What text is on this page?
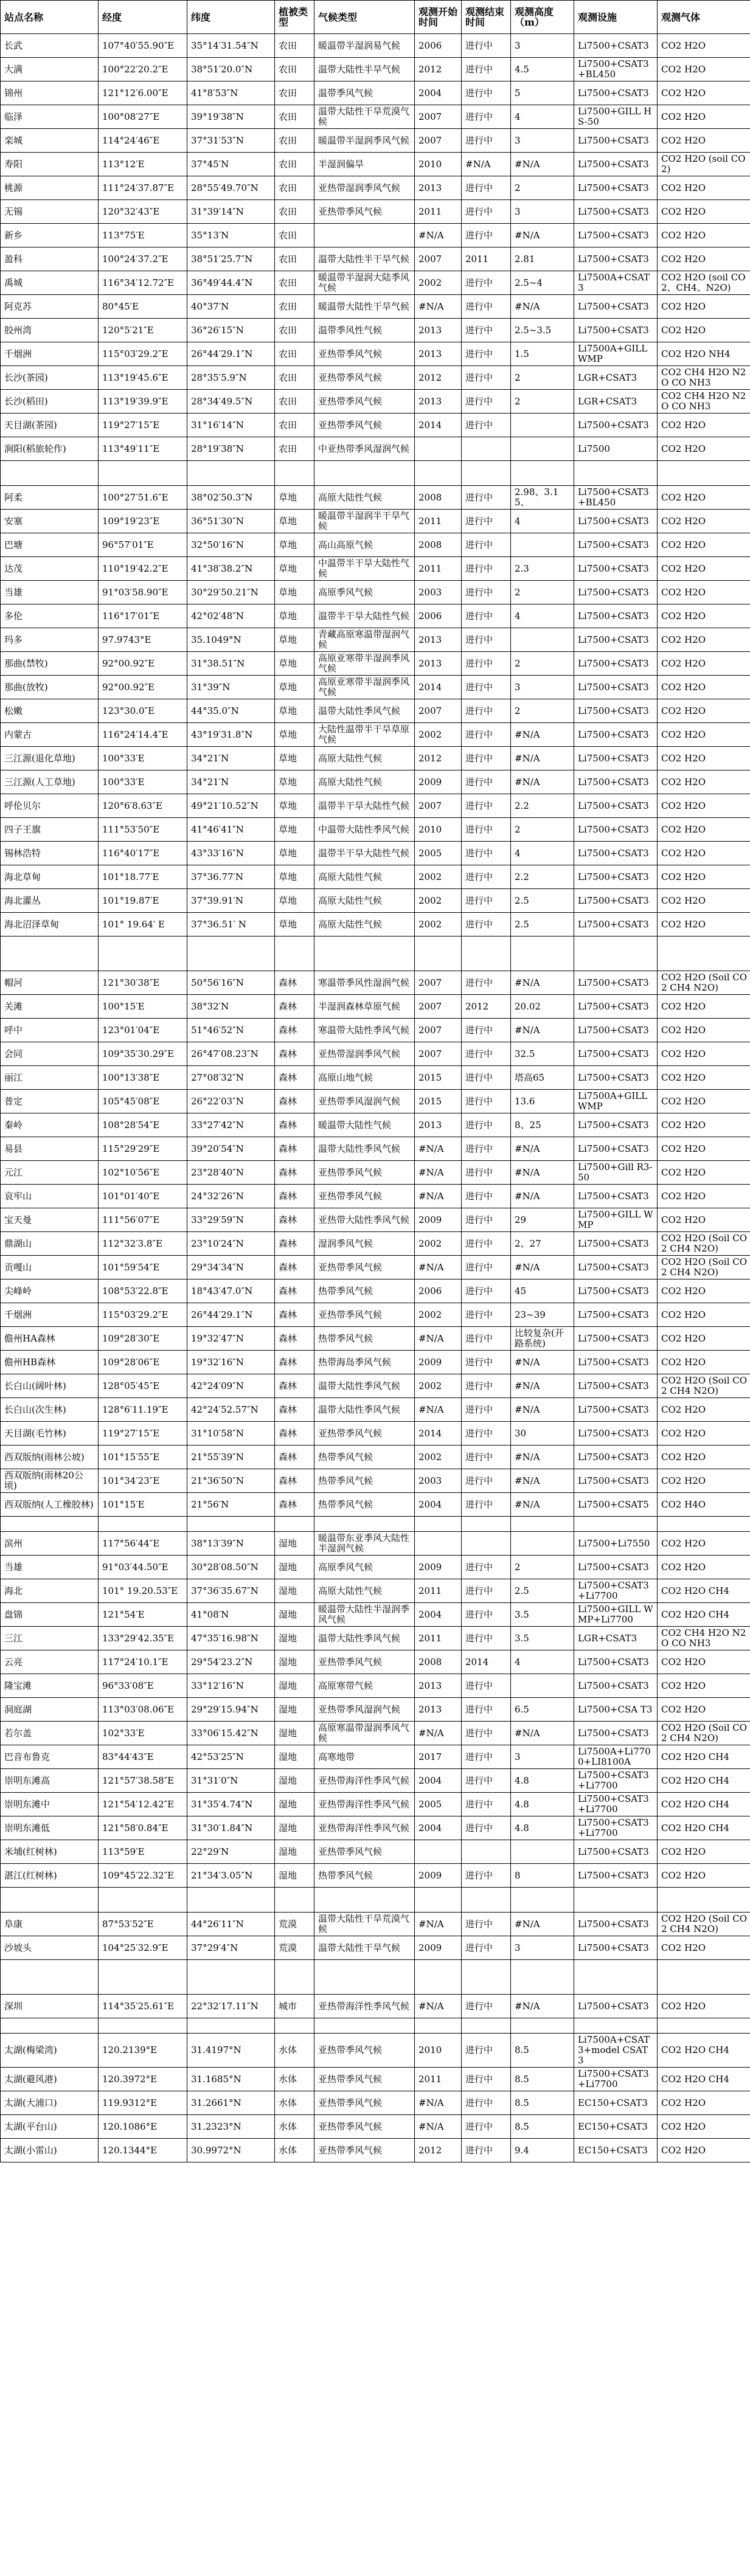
站点名称	经度	纬度	植被类型	气候类型	观测开始时间	观测结束时间	观测高度（m）	观测设施	观测气体
长武	107°40′55.90″E	35°14′31.54″N	农田	暖温带半湿润易气候	2006	进行中	3	Li7500+CSAT3	CO2 H2O
大满	100°22′20.2″E	38°51′20.0″N	农田	温带大陆性半旱气候	2012	进行中	4.5	Li7500+CSAT3+BL450	CO2 H2O
锦州	121°12′6.00″E	41°8′53″N	农田	温带季风气候	2004	进行中	5	Li7500+CSAT3	CO2 H2O
临泽	100°08′27″E	39°19′38″N	农田	温带大陆性干旱荒漠气候	2007	进行中	4	Li7500+GILL HS-50	CO2 H2O
栾城	114°24′46″E	37°31′53″N	农田	暖温带半湿润季风气候	2007	进行中	3	Li7500+CSAT3	CO2 H2O
寿阳	113°12′E	37°45′N	农田	半湿润偏旱	2010	#N/A	#N/A	Li7500+CSAT3	CO2 H2O (soil CO2)
桃源	111°24′37.87″E	28°55′49.70″N	农田	亚热带湿润季风气候	2013	进行中	2	Li7500+CSAT3	CO2 H2O
无锡	120°32′43″E	31°39′14″N	农田	亚热带季风气候	2011	进行中	3	Li7500+CSAT3	CO2 H2O
新乡	113°75′E	35°13′N	农田		#N/A	进行中	#N/A	Li7500+CSAT3	CO2 H2O
盈科	100°24′37.2″E	38°51′25.7″N	农田	温带大陆性半干旱气候	2007	2011	2.81	Li7500+CSAT3	CO2 H2O
禹城	116°34′12.72″E	36°49′44.4″N	农田	暖温带半湿润大陆季风气候	2002	进行中	2.5~4	Li7500A+CSAT3	CO2 H2O (soil CO2、CH4、N2O)
阿克苏	80°45′E	40°37′N	农田	暖温带大陆性干旱气候	#N/A	进行中	#N/A	Li7500+CSAT3	CO2 H2O
胶州湾	120°5′21″E	36°26′15″N	农田	温带季风性气候	2013	进行中	2.5~3.5	Li7500+CSAT3	CO2 H2O
千烟洲	115°03′29.2″E	26°44′29.1″N	农田	亚热带季风气候	2013	进行中	1.5	Li7500A+GILL WMP	CO2 H2O NH4
长沙(茶园)	113°19′45.6″E	28°35′5.9″N	农田	亚热带季风气候	2012	进行中	2	LGR+CSAT3	CO2 CH4 H2O N2O CO NH3
长沙(稻田)	113°19′39.9″E	28°34′49.5″N	农田	亚热带季风气候	2013	进行中	2	LGR+CSAT3	CO2 CH4 H2O N2O CO NH3
天目湖(茶园)	119°27′15″E	31°16′14″N	农田	亚热带季风气候	2014	进行中		Li7500+CSAT3	CO2 H2O
涧阳(稻旅轮作)	113°49′11″E	28°19′38″N	农田	中亚热带季风湿润气候				Li7500	CO2 H2O

阿柔	100°27′51.6″E	38°02′50.3″N	草地	高原大陆性气候	2008	进行中	2.98、3.15、	Li7500+CSAT3+BL450	CO2 H2O
安塞	109°19′23″E	36°51′30″N	草地	暖温带半湿润半干旱气候	2011	进行中	4	Li7500+CSAT3	CO2 H2O
巴塘	96°57′01″E	32°50′16″N	草地	高山高原气候	2008	进行中		Li7500+CSAT3	CO2 H2O
达茂	110°19′42.2″E	41°38′38.2″N	草地	中温带半干旱大陆性气候	2011	进行中	2.3	Li7500+CSAT3	CO2 H2O
当雄	91°03′58.90″E	30°29′50.21″N	草地	高原季风气候	2003	进行中	2	Li7500+CSAT3	CO2 H2O
多伦	116°17′01″E	42°02′48″N	草地	温带半干旱大陆性气候	2006	进行中	4	Li7500+CSAT3	CO2 H2O
玛多	97.9743°E	35.1049°N	草地	青藏高原寒温带湿润气候	2013	进行中		Li7500+CSAT3	CO2 H2O
那曲(禁牧)	92°00.92″E	31°38.51″N	草地	高原亚寒带半湿润季风气候	2013	进行中	2	Li7500+CSAT3	CO2 H2O
那曲(放牧)	92°00.92″E	31°39″N	草地	高原亚寒带半湿润季风气候	2014	进行中	3	Li7500+CSAT3	CO2 H2O
松嫩	123°30.0″E	44°35.0″N	草地	温带大陆性季风气候	2007	进行中	2	Li7500+CSAT3	CO2 H2O
内蒙古	116°24′14.4″E	43°19′31.8″N	草地	大陆性温带半干旱草原气候	2002	进行中	#N/A	Li7500+CSAT3	CO2 H2O
三江源(退化草地)	100°33′E	34°21′N	草地	高原大陆性气候	2012	进行中	#N/A	Li7500+CSAT3	CO2 H2O
三江源(人工草地)	100°33′E	34°21′N	草地	高原大陆性气候	2009	进行中	#N/A	Li7500+CSAT3	CO2 H2O
呼伦贝尔	120°6′8.63″E	49°21′10.52″N	草地	温带半干旱大陆性气候	2007	进行中	2.2	Li7500+CSAT3	CO2 H2O
四子王旗	111°53′50″E	41°46′41″N	草地	中温带大陆性季风气候	2010	进行中	2	Li7500+CSAT3	CO2 H2O
锡林浩特	116°40′17″E	43°33′16″N	草地	温带半干旱大陆性气候	2005	进行中	4	Li7500+CSAT3	CO2 H2O
海北草甸	101°18.77′E	37°36.77′N	草地	高原大陆性气候	2002	进行中	2.2	Li7500+CSAT3	CO2 H2O
海北灌丛	101°19.87′E	37°39.91′N	草地	高原大陆性气候	2002	进行中	2.5	Li7500+CSAT3	CO2 H2O
海北沼泽草甸	101° 19.64′ E	37°36.51′ N	草地	高原大陆性气候	2002	进行中	2.5	Li7500+CSAT3	CO2 H2O

帽河	121°30′38″E	50°56′16″N	森林	寒温带季风性湿润气候	2007	进行中	#N/A	Li7500+CSAT3	CO2 H2O (Soil CO2 CH4 N2O)
关滩	100°15′E	38°32′N	森林	半湿润森林草原气候	2007	2012	20.02	Li7500+CSAT3	CO2 H2O
呼中	123°01′04″E	51°46′52″N	森林	寒温带大陆性季风气候	2007	进行中	#N/A	Li7500+CSAT3	CO2 H2O
会同	109°35′30.29″E	26°47′08.23″N	森林	亚热带湿润季风气候	2007	进行中	32.5	Li7500+CSAT3	CO2 H2O
丽江	100°13′38″E	27°08′32″N	森林	高原山地气候	2015	进行中	塔高65	Li7500+CSAT3	CO2 H2O
普定	105°45′08″E	26°22′03″N	森林	亚热带季风湿润气候	2015	进行中	13.6	Li7500A+GILL WMP	CO2 H2O
秦岭	108°28′54″E	33°27′42″N	森林	暖温带大陆性气候	2013	进行中	8、25	Li7500+CSAT3	CO2 H2O
易县	115°29′29″E	39°20′54″N	森林	温带大陆性季风气候	#N/A	进行中	#N/A	Li7500+CSAT3	CO2 H2O
元江	102°10′56″E	23°28′40″N	森林	亚热带季风气候	#N/A	进行中	#N/A	Li7500+Gill R3-50	CO2 H2O
哀牢山	101°01′40″E	24°32′26″N	森林	亚热带季风气候	#N/A	进行中	#N/A	Li7500+CSAT3	CO2 H2O
宝天曼	111°56′07″E	33°29′59″N	森林	亚热带大陆性季风气候	2009	进行中	29	Li7500+GILL WMP	CO2 H2O
鼎湖山	112°32′3.8″E	23°10′24″N	森林	湿润季风气候	2002	进行中	2、27	Li7500+CSAT3	CO2 H2O (Soil CO2 CH4 N2O)
贡嘎山	101°59′54″E	29°34′34″N	森林	亚热带季风气候	#N/A	进行中	#N/A	Li7500+CSAT3	CO2 H2O (Soil CO2 CH4 N2O)
尖峰岭	108°53′22.8″E	18°43′47.0″N	森林	热带季风气候	2006	进行中	45	Li7500+CSAT3	CO2 H2O
千烟洲	115°03′29.2″E	26°44′29.1″N	森林	亚热带季风气候	2002	进行中	23~39	Li7500+CSAT3	CO2 H2O
儋州HA森林	109°28′30″E	19°32′47″N	森林	热带季风气候	#N/A	进行中	比较复杂(开路系统)	Li7500+CSAT3	CO2 H2O
儋州HB森林	109°28′06″E	19°32′16″N	森林	热带海岛季风气候	2009	进行中	#N/A	Li7500+CSAT3	CO2 H2O
长白山(阔叶林)	128°05′45″E	42°24′09″N	森林	温带大陆性季风气候	2002	进行中	#N/A	Li7500+CSAT3	CO2 H2O (Soil CO2 CH4 N2O)
长白山(次生林)	128°6′11.19″E	42°24′52.57″N	森林	温带大陆性季风气候	#N/A	进行中	#N/A	Li7500+CSAT3	CO2 H2O
天目湖(毛竹林)	119°27′15″E	31°10′58″N	森林	亚热带季风气候	2014	进行中	30	Li7500+CSAT3	CO2 H2O
西双版纳(雨林公坡)	101°15′55″E	21°55′39″N	森林	热带季风气候	2002	进行中	#N/A	Li7500+CSAT3	CO2 H2O
西双版纳(雨林20公顷)	101°34′23″E	21°36′50″N	森林	热带季风气候	2003	进行中	#N/A	Li7500+CSAT3	CO2 H2O
西双版纳(人工橡胶林)	101°15′E	21°56′N	森林	热带季风气候	2004	进行中	#N/A	Li7500+CSAT5	CO2 H4O

滨州	117°56′44″E	38°13′39″N	湿地	暖温带东亚季风大陆性半湿润气候				Li7500+Li7550	CO2 H2O
当雄	91°03′44.50″E	30°28′08.50″N	湿地	高原季风气候	2009	进行中	2	Li7500+CSAT3	CO2 H2O
海北	101° 19.20.53″E	37°36′35.67″N	湿地	高原大陆性气候	2011	进行中	2.5	Li7500+CSAT3+Li7700	CO2 H2O CH4
盘锦	121°54′E	41°08′N	湿地	暖温带大陆性半湿润季风气候	2004	进行中	3.5	Li7500+GILL WMP+Li7700	CO2 H2O CH4
三江	133°29′42.35″E	47°35′16.98″N	湿地	温带大陆性季风气候	2011	进行中	3.5	LGR+CSAT3	CO2 CH4 H2O N2O CO NH3
云亮	117°24′10.1″E	29°54′23.2″N	湿地	亚热带季风气候	2008	2014	4	Li7500+CSAT3	CO2 H2O
隆宝滩	96°33′08″E	33°12′16″N	湿地	高原寒带气候	2013	进行中		Li7500+CSAT3	CO2 H2O
洞庭湖	113°03′08.06″E	29°29′15.94″N	湿地	亚热带季风湿润气候	2013	进行中	6.5	Li7500+CSA T3	CO2 H2O
若尔盖	102°33′E	33°06′15.42″N	湿地	高原寒温带湿润季风气候	#N/A	进行中	#N/A	Li7500+CSAT3	CO2 H2O (Soil CO2 CH4 N2O)
巴音布鲁克	83°44′43″E	42°53′25″N	湿地	高寒地带	2017	进行中	3	Li7500A+Li7700+LI8100A	CO2 H2O CH4
崇明东滩高	121°57′38.58″E	31°31′0″N	湿地	亚热带海洋性季风气候	2004	进行中	4.8	Li7500+CSAT3+Li7700	CO2 H2O CH4
崇明东滩中	121°54′12.42″E	31°35′4.74″N	湿地	亚热带海洋性季风气候	2005	进行中	4.8	Li7500+CSAT3+Li7700	CO2 H2O CH4
崇明东滩低	121°58′0.84″E	31°30′1.84″N	湿地	亚热带海洋性季风气候	2004	进行中	4.8	Li7500+CSAT3+Li7700	CO2 H2O CH4
米埔(红树林)	113°59′E	22°29′N	湿地	亚热带季风气候				Li7500+CSAT3	CO2 H2O
湛江(红树林)	109°45′22.32″E	21°34′3.05″N	湿地	热带季风气候	2009	进行中	8	Li7500+CSAT3	CO2 H2O

阜康	87°53′52″E	44°26′11″N	荒漠	温带大陆性干旱荒漠气候	#N/A	进行中	#N/A	Li7500+CSAT3	CO2 H2O (Soil CO2 CH4 N2O)
沙坡头	104°25′32.9″E	37°29′4″N	荒漠	温带大陆性干旱气候	2009	进行中	3	Li7500+CSAT3	CO2 H2O

深圳	114°35′25.61″E	22°32′17.11″N	城市	亚热带海洋性季风气候	#N/A	进行中	#N/A	Li7500+CSAT3	CO2 H2O

太湖(梅梁湾)	120.2139°E	31.4197°N	水体	亚热带季风气候	2010	进行中	8.5	Li7500A+CSAT3+model CSAT3	CO2 H2O CH4
太湖(避风港)	120.3972°E	31.1685°N	水体	亚热带季风气候	2011	进行中	8.5	Li7500+CSAT3+Li7700	CO2 H2O CH4
太湖(大浦口)	119.9312°E	31.2661°N	水体	亚热带季风气候	#N/A	进行中	8.5	EC150+CSAT3	CO2 H2O
太湖(平台山)	120.1086°E	31.2323°N	水体	亚热带季风气候	#N/A	进行中	8.5	EC150+CSAT3	CO2 H2O
太湖(小雷山)	120.1344°E	30.9972°N	水体	亚热带季风气候	2012	进行中	9.4	EC150+CSAT3	CO2 H2O
